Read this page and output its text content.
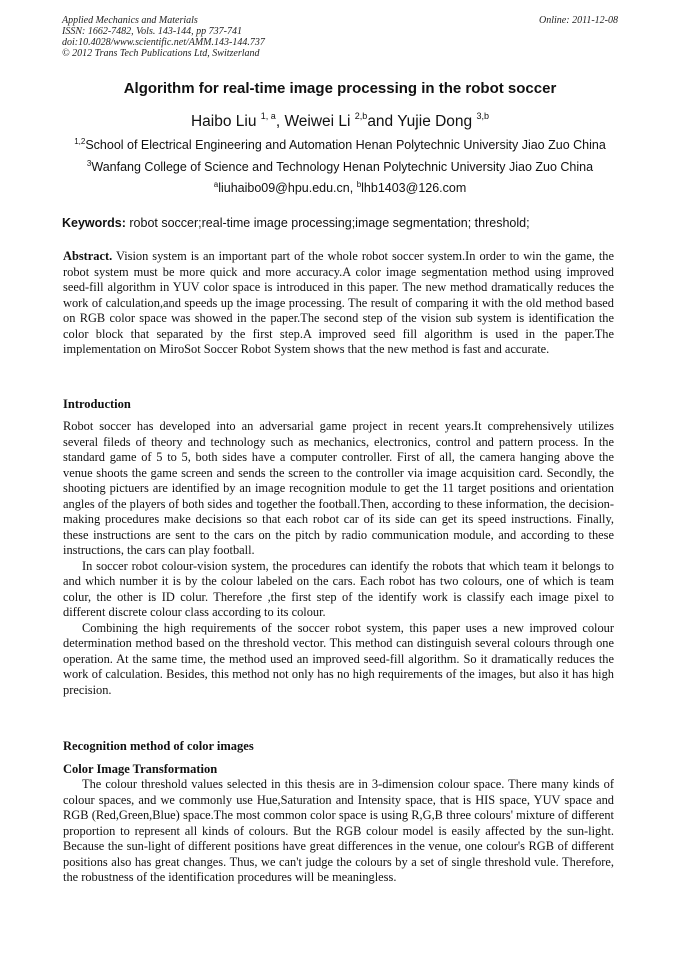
Applied Mechanics and Materials	Online: 2011-12-08
ISSN: 1662-7482, Vols. 143-144, pp 737-741
doi:10.4028/www.scientific.net/AMM.143-144.737
© 2012 Trans Tech Publications Ltd, Switzerland
Algorithm for real-time image processing in the robot soccer
Haibo Liu $^{1, a}$, Weiwei Li $^{2,b}$and Yujie Dong $^{3,b}$
$^{1,2}$School of Electrical Engineering and Automation Henan Polytechnic University Jiao Zuo China
$^3$Wanfang College of Science and Technology Henan Polytechnic University Jiao Zuo China
$^a$liuhaibo09@hpu.edu.cn, $^b$lhb1403@126.com
Keywords: robot soccer;real-time image processing;image segmentation; threshold;

Abstract. Vision system is an important part of the whole robot soccer system.In order to win the game, the robot system must be more quick and more accuracy.A color image segmentation method using improved seed-fill algorithm in YUV color space is introduced in this paper. The new method dramatically reduces the work of calculation,and speeds up the image processing. The result of comparing it with the old method based on RGB color space was showed in the paper.The second step of the vision sub system is identification the color block that separated by the first step.A improved seed fill algorithm is used in the paper.The implementation on MiroSot Soccer Robot System shows that the new method is fast and accurate.

Introduction

Robot soccer has developed into an adversarial game project in recent years.It comprehensively utilizes several fileds of theory and technology such as mechanics, electronics, control and pattern process. In the standard game of 5 to 5, both sides have a computer controller. First of all, the camera hanging above the venue shoots the game screen and sends the screen to the controller via image acquisition card. Secondly, the shooting pictuers are identified by an image recognition module to get the 11 target positions and orientation angles of the players of both sides and together the football.Then, according to these information, the decision-making procedures make decisions so that each robot car of its side can get its speed instructions. Finally, these instructions are sent to the cars on the pitch by radio communication module, and according to these instructions, the cars can play football.

In soccer robot colour-vision system, the procedures can identify the robots that which team it belongs to and which number it is by the colour labeled on the cars. Each robot has two colours, one of which is team colur, the other is ID colur. Therefore ,the first step of the identify work is classify each image pixel to different discrete colour class according to its colour.

Combining the high requirements of the soccer robot system, this paper uses a new improved colour determination method based on the threshold vector. This method can distinguish several colours through one operation. At the same time, the method used an improved seed-fill algorithm. So it dramatically reduces the work of calculation. Besides, this method not only has no high requirements of the images, but also it has high precision.

Recognition method of color images
Color Image Transformation

The colour threshold values selected in this thesis are in 3-dimension colour space. There many kinds of colour spaces, and we commonly use Hue,Saturation and Intensity space, that is HIS space, YUV space and RGB (Red,Green,Blue) space.The most common color space is using R,G,B three colours' mixture of different proportion to represent all kinds of colours. But the RGB colour model is easily affected by the sun-light. Because the sun-light of different positions have great differences in the venue, one colour's RGB of different positions also has great changes. Thus, we can't judge the colours by a set of single threshold vule. Therefore, the robustness of the identification procedures will be meaningless.
